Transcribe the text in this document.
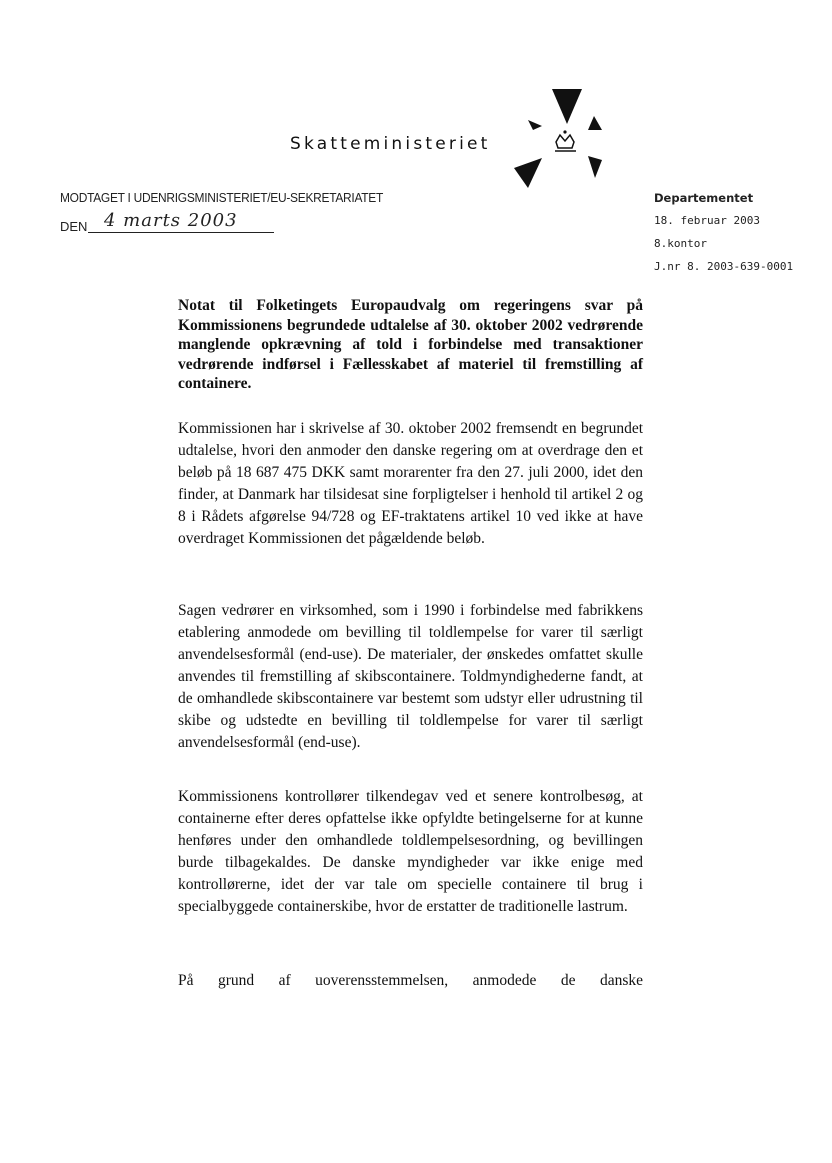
Skatteministeriet
MODTAGET I UDENRIGSMINISTERIET/EU-SEKRETARIATET
DEN 4 marts 2003
Departementet
18. februar 2003
8.kontor
J.nr 8. 2003-639-0001

Notat til Folketingets Europaudvalg om regeringens svar på Kommissionens begrundede udtalelse af 30. oktober 2002 vedrørende manglende opkrævning af told i forbindelse med transaktioner vedrørende indførsel i Fællesskabet af materiel til fremstilling af containere.

Kommissionen har i skrivelse af 30. oktober 2002 fremsendt en begrundet udtalelse, hvori den anmoder den danske regering om at overdrage den et beløb på 18 687 475 DKK samt morarenter fra den 27. juli 2000, idet den finder, at Danmark har tilsidesat sine forpligtelser i henhold til artikel 2 og 8 i Rådets afgørelse 94/728 og EF-traktatens artikel 10 ved ikke at have overdraget Kommissionen det pågældende beløb.

Sagen vedrører en virksomhed, som i 1990 i forbindelse med fabrikkens etablering anmodede om bevilling til toldlempelse for varer til særligt anvendelsesformål (end-use). De materialer, der ønskedes omfattet skulle anvendes til fremstilling af skibscontainere. Toldmyndighederne fandt, at de omhandlede skibscontainere var bestemt som udstyr eller udrustning til skibe og udstedte en bevilling til toldlempelse for varer til særligt anvendelsesformål (end-use).

Kommissionens kontrollører tilkendegav ved et senere kontrolbesøg, at containerne efter deres opfattelse ikke opfyldte betingelserne for at kunne henføres under den omhandlede toldlempelsesordning, og bevillingen burde tilbagekaldes. De danske myndigheder var ikke enige med kontrollørerne, idet der var tale om specielle containere til brug i specialbyggede containerskibe, hvor de erstatter de traditionelle lastrum.

På grund af uoverensstemmelsen, anmodede de danske
